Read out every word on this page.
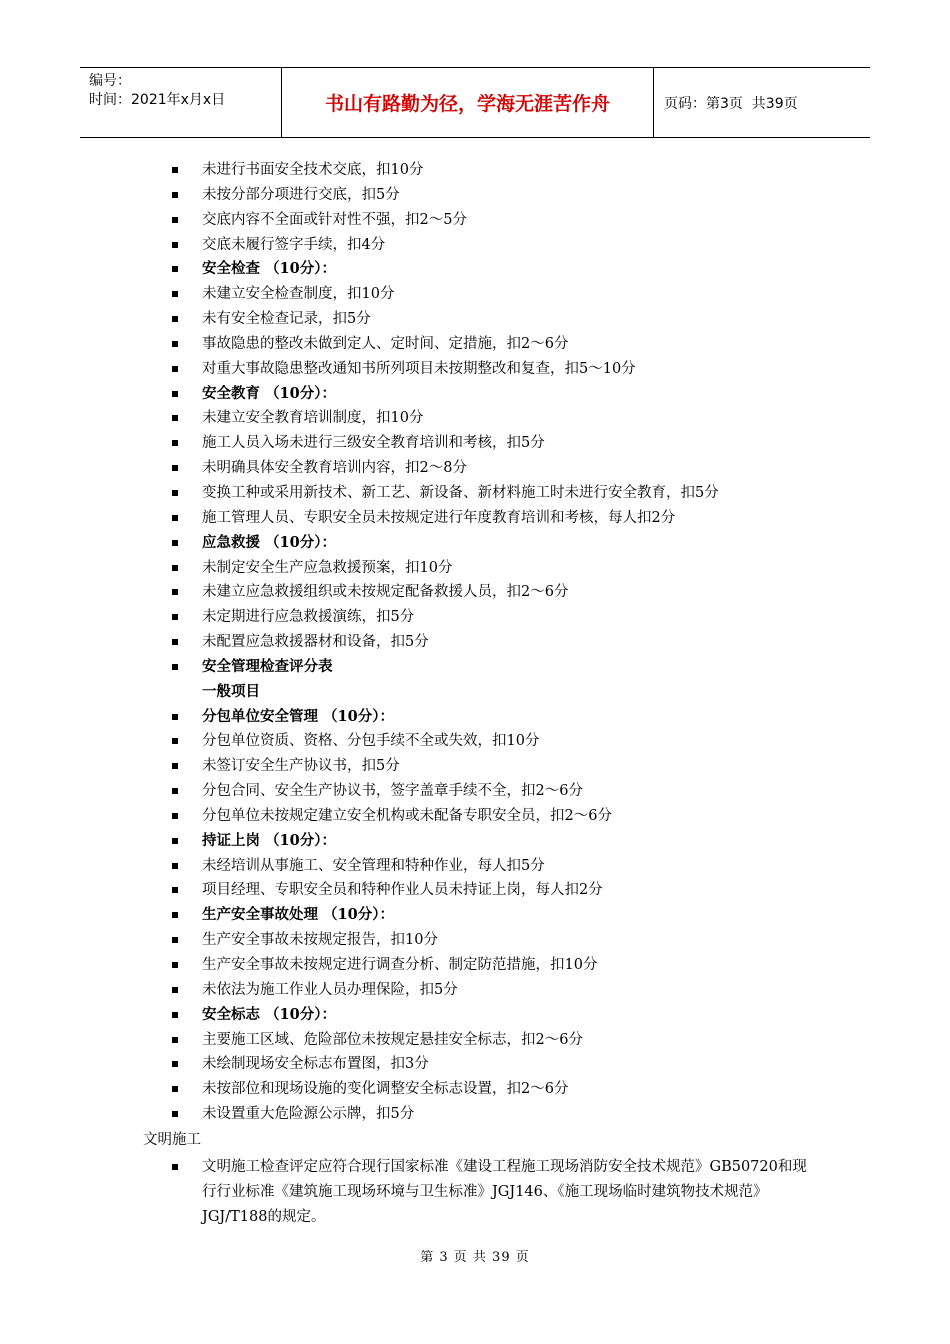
编号：
时间：2021年x月x日	书山有路勤为径，学海无涯苦作舟	页码：第3页  共39页
未进行书面安全技术交底，扣10分
未按分部分项进行交底，扣5分
交底内容不全面或针对性不强，扣2～5分
交底未履行签字手续，扣4分
安全检查 （10分）：
未建立安全检查制度，扣10分
未有安全检查记录，扣5分
事故隐患的整改未做到定人、定时间、定措施，扣2～6分
对重大事故隐患整改通知书所列项目未按期整改和复查，扣5～10分
安全教育 （10分）：
未建立安全教育培训制度，扣10分
施工人员入场未进行三级安全教育培训和考核，扣5分
未明确具体安全教育培训内容，扣2～8分
变换工种或采用新技术、新工艺、新设备、新材料施工时未进行安全教育，扣5分
施工管理人员、专职安全员未按规定进行年度教育培训和考核，每人扣2分
应急救援 （10分）：
未制定安全生产应急救援预案，扣10分
未建立应急救援组织或未按规定配备救援人员，扣2～6分
未定期进行应急救援演练，扣5分
未配置应急救援器材和设备，扣5分
安全管理检查评分表
一般项目
分包单位安全管理 （10分）：
分包单位资质、资格、分包手续不全或失效，扣10分
未签订安全生产协议书，扣5分
分包合同、安全生产协议书，签字盖章手续不全，扣2～6分
分包单位未按规定建立安全机构或未配备专职安全员，扣2～6分
持证上岗 （10分）：
未经培训从事施工、安全管理和特种作业，每人扣5分
项目经理、专职安全员和特种作业人员未持证上岗，每人扣2分
生产安全事故处理 （10分）：
生产安全事故未按规定报告，扣10分
生产安全事故未按规定进行调查分析、制定防范措施，扣10分
未依法为施工作业人员办理保险，扣5分
安全标志 （10分）：
主要施工区域、危险部位未按规定悬挂安全标志，扣2～6分
未绘制现场安全标志布置图，扣3分
未按部位和现场设施的变化调整安全标志设置，扣2～6分
未设置重大危险源公示牌，扣5分
文明施工
文明施工检查评定应符合现行国家标准《建设工程施工现场消防安全技术规范》GB50720和现行行业标准《建筑施工现场环境与卫生标准》JGJ146、《施工现场临时建筑物技术规范》JGJ/T188的规定。
第 3 页 共 39 页
